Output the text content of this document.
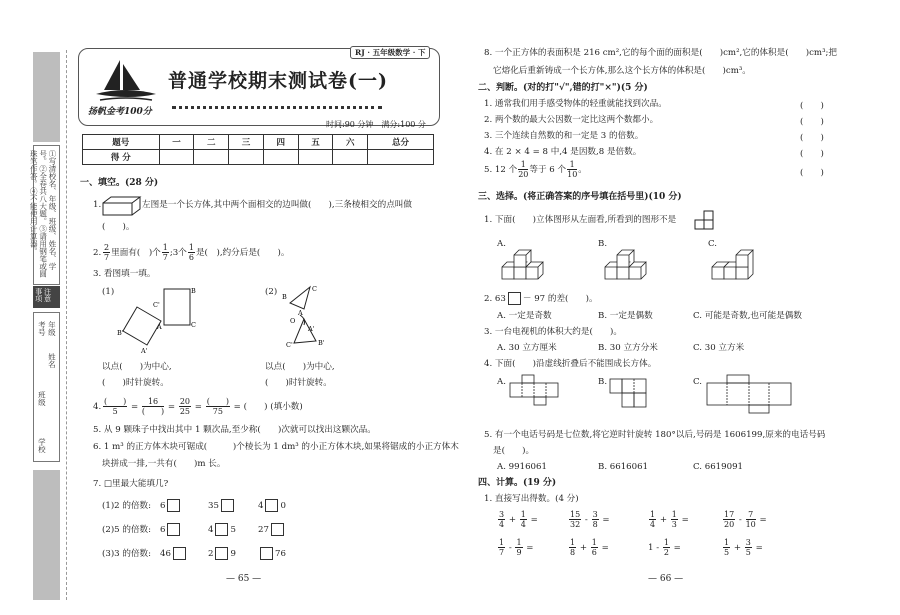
①写清校名、年级、班级、姓名、学号。②全卷共八大题。③请用钢笔或圆珠笔作答。④不能使用计算器。
注意事项
学校
班级
姓名
年级
考号
RJ · 五年级数学 · 下
扬帆金考100分
普通学校期末测试卷(一)
时间:90 分钟　满分:100 分
题号	一	二	三	四	五	六	总分
得 分							
一、填空。(28 分)
1.	左图是一个长方体,其中两个面相交的边叫做(　　),三条棱相交的点叫做
(　　)。
2. $\frac{2}{7}$ 里面有(　)个 $\frac{1}{7}$ ;3个 $\frac{1}{6}$ 是(　),约分后是(　　)。
3. 看图填一填。
(1)	(2)
B
C
C'
B'
A'
A
C
B
A
O
A'
B'
C'
以点(　　)为中心,
(　　)时针旋转。
以点(　　)为中心,
(　　)时针旋转。
4.
(　　)
5	=
16
(　　) = $\frac{20}{25}$ =
(　　)
75 = (　　) (填小数)
5. 从 9 颗珠子中找出其中 1 颗次品,至少称(　　)次就可以找出这颗次品。
6. 1 m³ 的正方体木块可锯成(　　　)个棱长为 1 dm³ 的小正方体木块,如果将锯成的小正方体木
块拼成一排,一共有(　　)m 长。
7. □里最大能填几?
(1)2 的倍数: 6	35	4 0
(2)5 的倍数: 6	4 5	27
(3)3 的倍数: 46	2 9	76
— 65 —
8. 一个正方体的表面积是 216 cm²,它的每个面的面积是(　　)cm²,它的体积是(　　)cm³;把
它熔化后重新铸成一个长方体,那么这个长方体的体积是(　　)cm³。
二、判断。(对的打"√",错的打"×")(5 分)
1. 通常我们用手感受物体的轻重就能找到次品。
2. 两个数的最大公因数一定比这两个数都小。
3. 三个连续自然数的和一定是 3 的倍数。
4. 在 2 × 4 = 8 中,4 是因数,8 是倍数。
5. 12 个 $\frac{1}{20}$ 等于 6 个 $\frac{1}{10}$ 。
(　　)
(　　)
(　　)
(　　)
(　　)
三、选择。(将正确答案的序号填在括号里)(10 分)
1. 下面(　　)立体图形从左面看,所看到的图形不是
A.	B.	C.
2. 63 － 97 的差(　　)。
A. 一定是奇数	B. 一定是偶数	C. 可能是奇数,也可能是偶数
3. 一台电视机的体积大约是(　　)。
A. 30 立方厘米	B. 30 立方分米	C. 30 立方米
4. 下面(　　)沿虚线折叠后不能围成长方体。
A.	B.	C.
5. 有一个电话号码是七位数,将它逆时针旋转 180°以后,号码是 1606199,原来的电话号码
是(　　)。
A. 9916061	B. 6616061	C. 6619091
四、计算。(19 分)
1. 直接写出得数。(4 分)
$\frac{3}{4} + \frac{1}{4}$ =	$\frac{15}{32} - \frac{3}{8}$ =	$\frac{1}{4} + \frac{1}{3}$ =	$\frac{17}{20} - \frac{7}{10}$ =
$\frac{1}{7} - \frac{1}{9}$ =	$\frac{1}{8} + \frac{1}{6}$ =	$1 - \frac{1}{2}$ =	$\frac{1}{5} + \frac{3}{5}$ =
— 66 —
